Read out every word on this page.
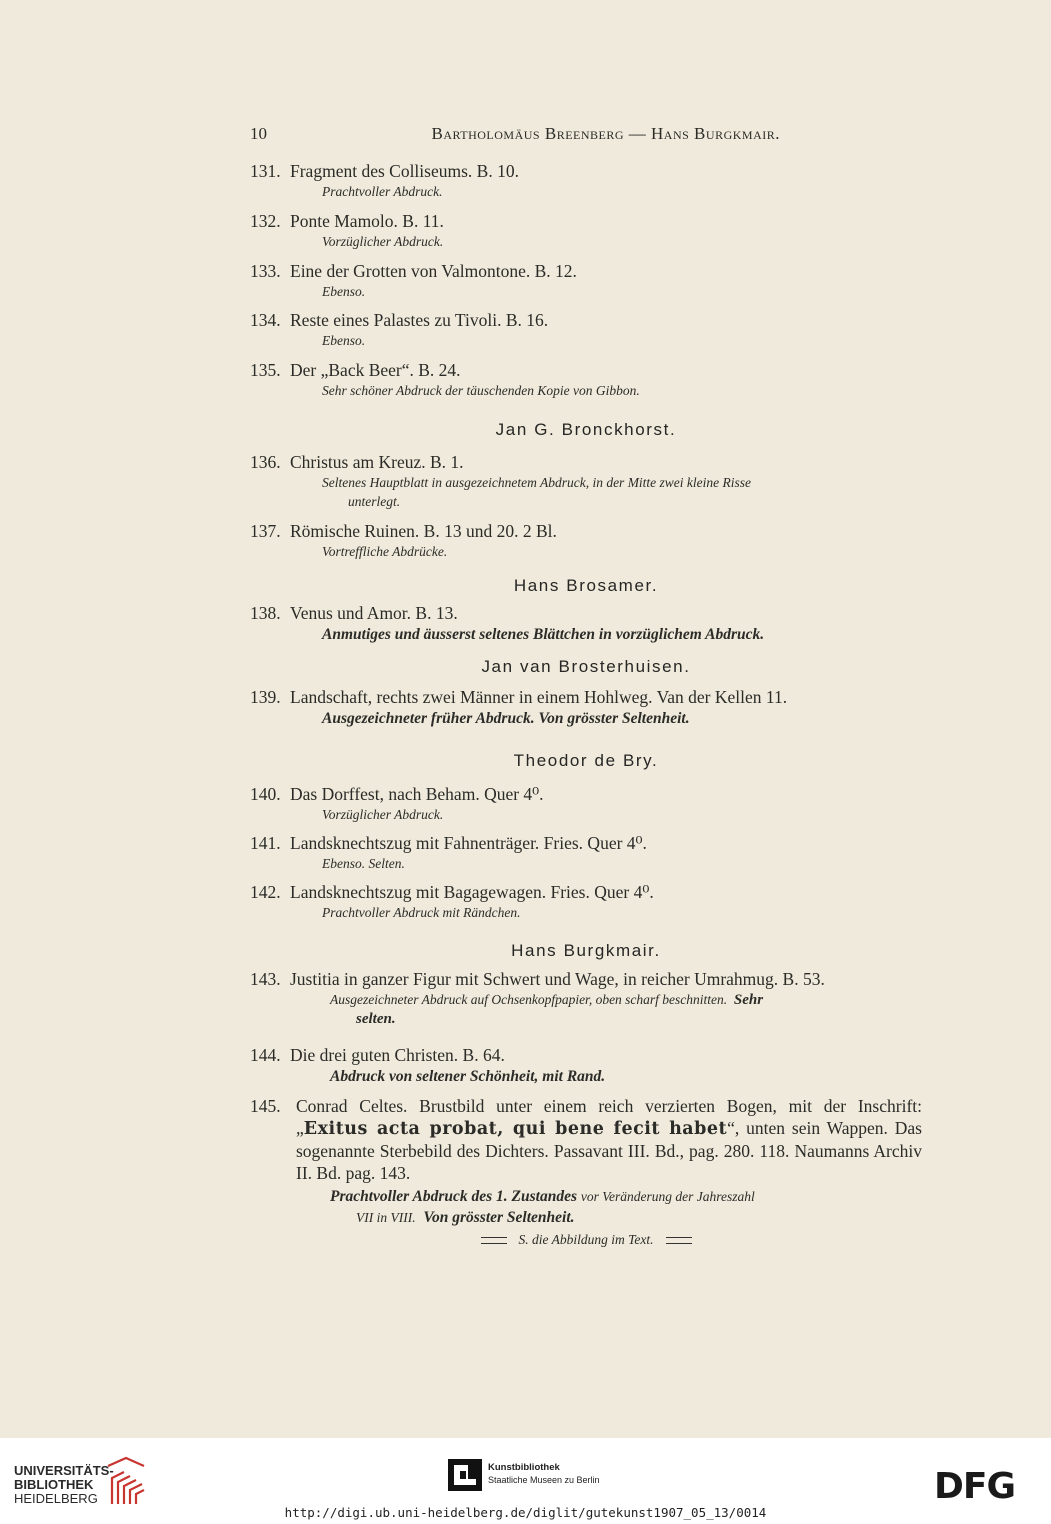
10	Bartholomäus Breenberg — Hans Burgkmair.
131. Fragment des Colliseums. B. 10.
Prachtvoller Abdruck.
132. Ponte Mamolo. B. 11.
Vorzüglicher Abdruck.
133. Eine der Grotten von Valmontone. B. 12.
Ebenso.
134. Reste eines Palastes zu Tivoli. B. 16.
Ebenso.
135. Der „Back Beer“. B. 24.
Sehr schöner Abdruck der täuschenden Kopie von Gibbon.
Jan G. Bronckhorst.
136. Christus am Kreuz. B. 1.
Seltenes Hauptblatt in ausgezeichnetem Abdruck, in der Mitte zwei kleine Risse
unterlegt.
137. Römische Ruinen. B. 13 und 20. 2 Bl.
Vortreffliche Abdrücke.
Hans Brosamer.
138. Venus und Amor. B. 13.
Anmutiges und äusserst seltenes Blättchen in vorzüglichem Abdruck.
Jan van Brosterhuisen.
139. Landschaft, rechts zwei Männer in einem Hohlweg. Van der Kellen 11.
Ausgezeichneter früher Abdruck. Von grösster Seltenheit.
Theodor de Bry.
140. Das Dorffest, nach Beham. Quer 4⁰.
Vorzüglicher Abdruck.
141. Landsknechtszug mit Fahnenträger. Fries. Quer 4⁰.
Ebenso. Selten.
142. Landsknechtszug mit Bagagewagen. Fries. Quer 4⁰.
Prachtvoller Abdruck mit Rändchen.
Hans Burgkmair.
143. Justitia in ganzer Figur mit Schwert und Wage, in reicher Umrahmug. B. 53.
Ausgezeichneter Abdruck auf Ochsenkopfpapier, oben scharf beschnitten. Sehr
selten.
144. Die drei guten Christen. B. 64.
Abdruck von seltener Schönheit, mit Rand.
145. Conrad Celtes. Brustbild unter einem reich verzierten Bogen, mit der Inschrift: „Exitus acta probat, qui bene fecit habet“, unten sein Wappen. Das sogenannte Sterbebild des Dichters. Passavant III. Bd., pag. 280. 118. Naumanns Archiv II. Bd. pag. 143.
Prachtvoller Abdruck des 1. Zustandes vor Veränderung der Jahreszahl
VII in VIII. Von grösster Seltenheit.
S. die Abbildung im Text.
UNIVERSITÄTS-
BIBLIOTHEK
HEIDELBERG
Kunstbibliothek
Staatliche Museen zu Berlin	DFG
http://digi.ub.uni-heidelberg.de/diglit/gutekunst1907_05_13/0014
